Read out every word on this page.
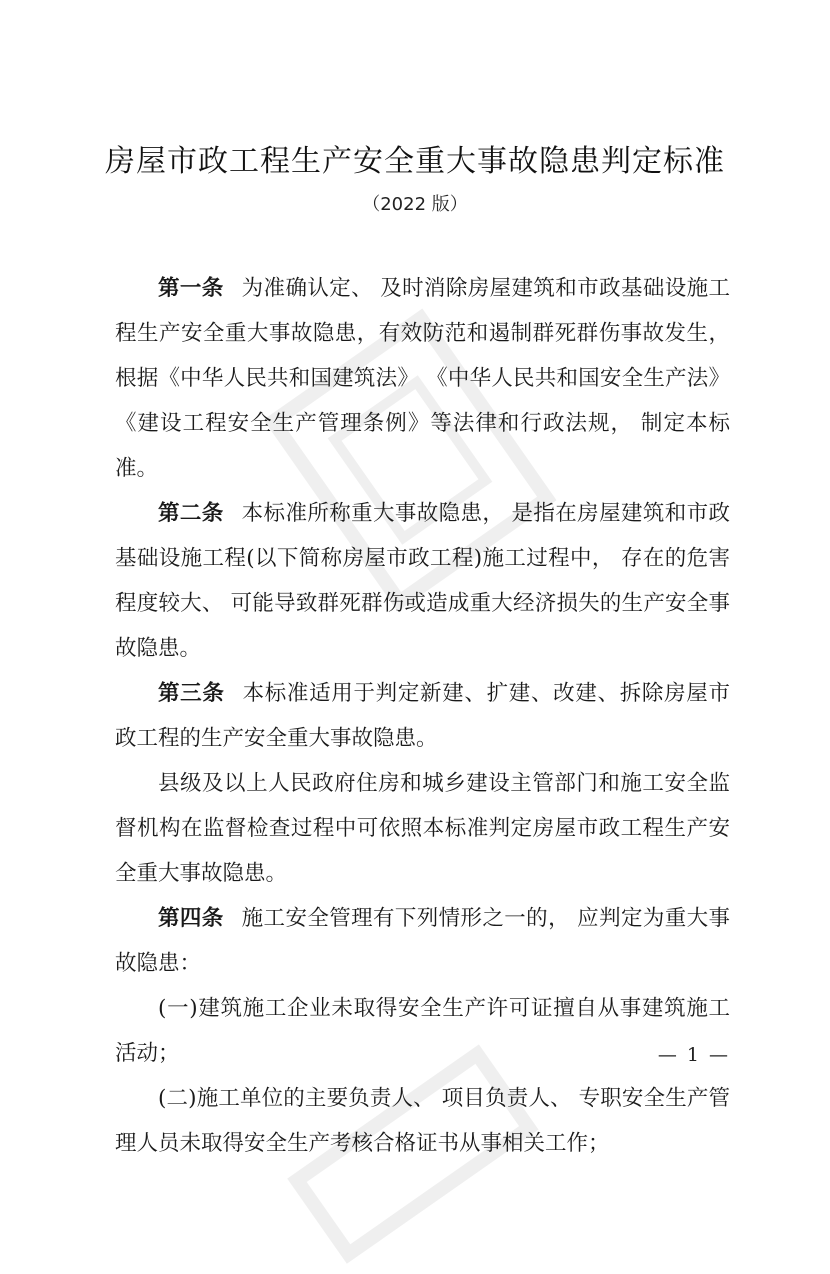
房屋市政工程生产安全重大事故隐患判定标准
（2022 版）

第一条 为准确认定、 及时消除房屋建筑和市政基础设施工程生产安全重大事故隐患，有效防范和遏制群死群伤事故发生，根据《中华人民共和国建筑法》 《中华人民共和国安全生产法》《建设工程安全生产管理条例》等法律和行政法规， 制定本标准。

第二条 本标准所称重大事故隐患， 是指在房屋建筑和市政基础设施工程(以下简称房屋市政工程)施工过程中， 存在的危害程度较大、 可能导致群死群伤或造成重大经济损失的生产安全事故隐患。

第三条 本标准适用于判定新建、扩建、改建、拆除房屋市政工程的生产安全重大事故隐患。

县级及以上人民政府住房和城乡建设主管部门和施工安全监督机构在监督检查过程中可依照本标准判定房屋市政工程生产安全重大事故隐患。

第四条 施工安全管理有下列情形之一的， 应判定为重大事故隐患：

(一)建筑施工企业未取得安全生产许可证擅自从事建筑施工活动；

(二)施工单位的主要负责人、 项目负责人、 专职安全生产管理人员未取得安全生产考核合格证书从事相关工作；

— 1 —
